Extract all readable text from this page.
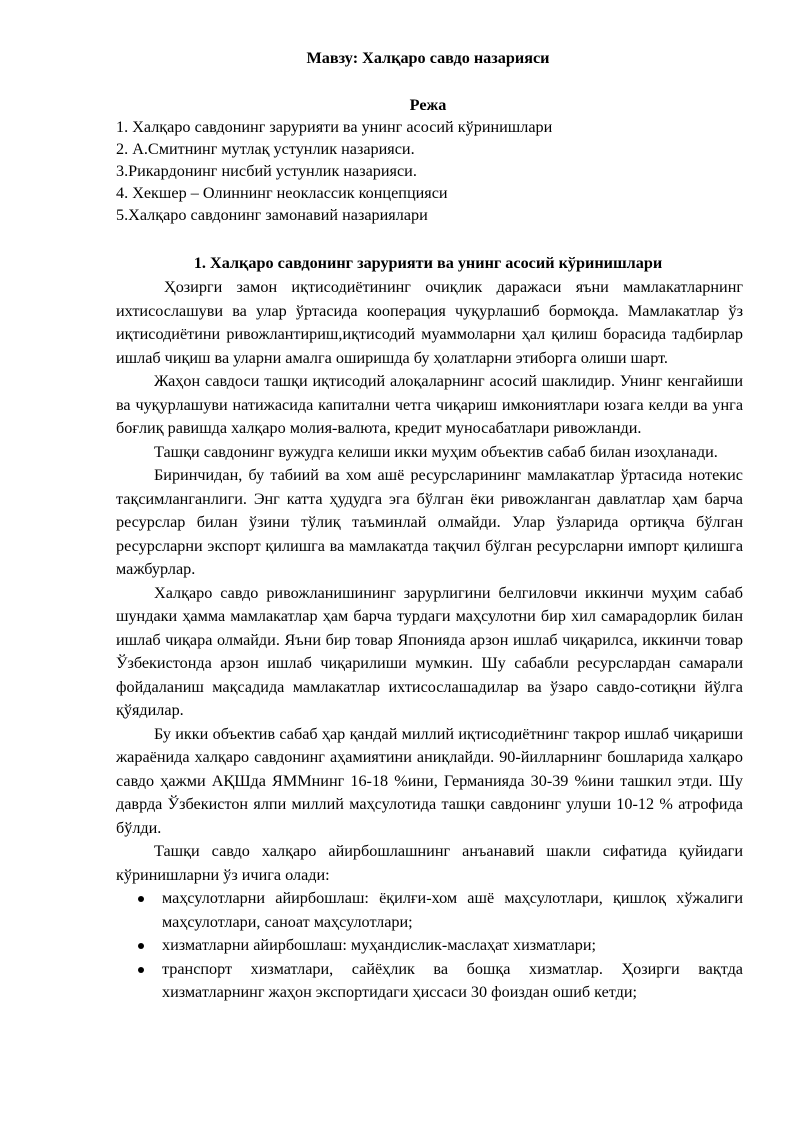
Мавзу: Халқаро савдо назарияси
Режа
1. Халқаро савдонинг зарурияти ва унинг асосий кўринишлари
2. А.Смитнинг мутлақ устунлик назарияси.
3.Рикардонинг нисбий устунлик назарияси.
4. Хекшер – Олиннинг неоклассик концепцияси
5.Халқаро савдонинг замонавий назариялари
1. Халқаро савдонинг зарурияти ва унинг асосий кўринишлари

Ҳозирги замон иқтисодиётининг очиқлик даражаси яъни мамлакатларнинг ихтисослашуви ва улар ўртасида кооперация чуқурлашиб бормоқда. Мамлакатлар ўз иқтисодиётини ривожлантириш,иқтисодий муаммоларни ҳал қилиш борасида тадбирлар ишлаб чиқиш ва уларни амалга оширишда бу ҳолатларни этиборга олиши шарт.

Жаҳон савдоси ташқи иқтисодий алоқаларнинг асосий шаклидир. Унинг кенгайиши ва чуқурлашуви натижасида капитални четга чиқариш имкониятлари юзага келди ва унга боғлиқ равишда халқаро молия-валюта, кредит муносабатлари ривожланди.

Ташқи савдонинг вужудга келиши икки муҳим объектив сабаб билан изоҳланади.

Биринчидан, бу табиий ва хом ашё ресурсларининг мамлакатлар ўртасида нотекис тақсимланганлиги. Энг катта ҳудудга эга бўлган ёки ривожланган давлатлар ҳам барча ресурслар билан ўзини тўлиқ таъминлай олмайди. Улар ўзларида ортиқча бўлган ресурсларни экспорт қилишга ва мамлакатда тақчил бўлган ресурсларни импорт қилишга мажбурлар.

Халқаро савдо ривожланишининг зарурлигини белгиловчи иккинчи муҳим сабаб шундаки ҳамма мамлакатлар ҳам барча турдаги маҳсулотни бир хил самарадорлик билан ишлаб чиқара олмайди. Яъни бир товар Японияда арзон ишлаб чиқарилса, иккинчи товар Ўзбекистонда арзон ишлаб чиқарилиши мумкин. Шу сабабли ресурслардан самарали фойдаланиш мақсадида мамлакатлар ихтисослашадилар ва ўзаро савдо-сотиқни йўлга қўядилар.

Бу икки объектив сабаб ҳар қандай миллий иқтисодиётнинг такрор ишлаб чиқариши жараёнида халқаро савдонинг аҳамиятини аниқлайди. 90-йилларнинг бошларида халқаро савдо ҳажми АҚШда ЯММнинг 16-18 %ини, Германияда 30-39 %ини ташкил этди. Шу даврда Ўзбекистон ялпи миллий маҳсулотида ташқи савдонинг улуши 10-12 % атрофида бўлди.

Ташқи савдо халқаро айирбошлашнинг анъанавий шакли сифатида қуйидаги кўринишларни ўз ичига олади:

маҳсулотларни айирбошлаш: ёқилғи-хом ашё маҳсулотлари, қишлоқ хўжалиги маҳсулотлари, саноат маҳсулотлари;
хизматларни айирбошлаш: муҳандислик-маслаҳат хизматлари;
транспорт хизматлари, сайёҳлик ва бошқа хизматлар. Ҳозирги вақтда хизматларнинг жаҳон экспортидаги ҳиссаси 30 фоиздан ошиб кетди;
